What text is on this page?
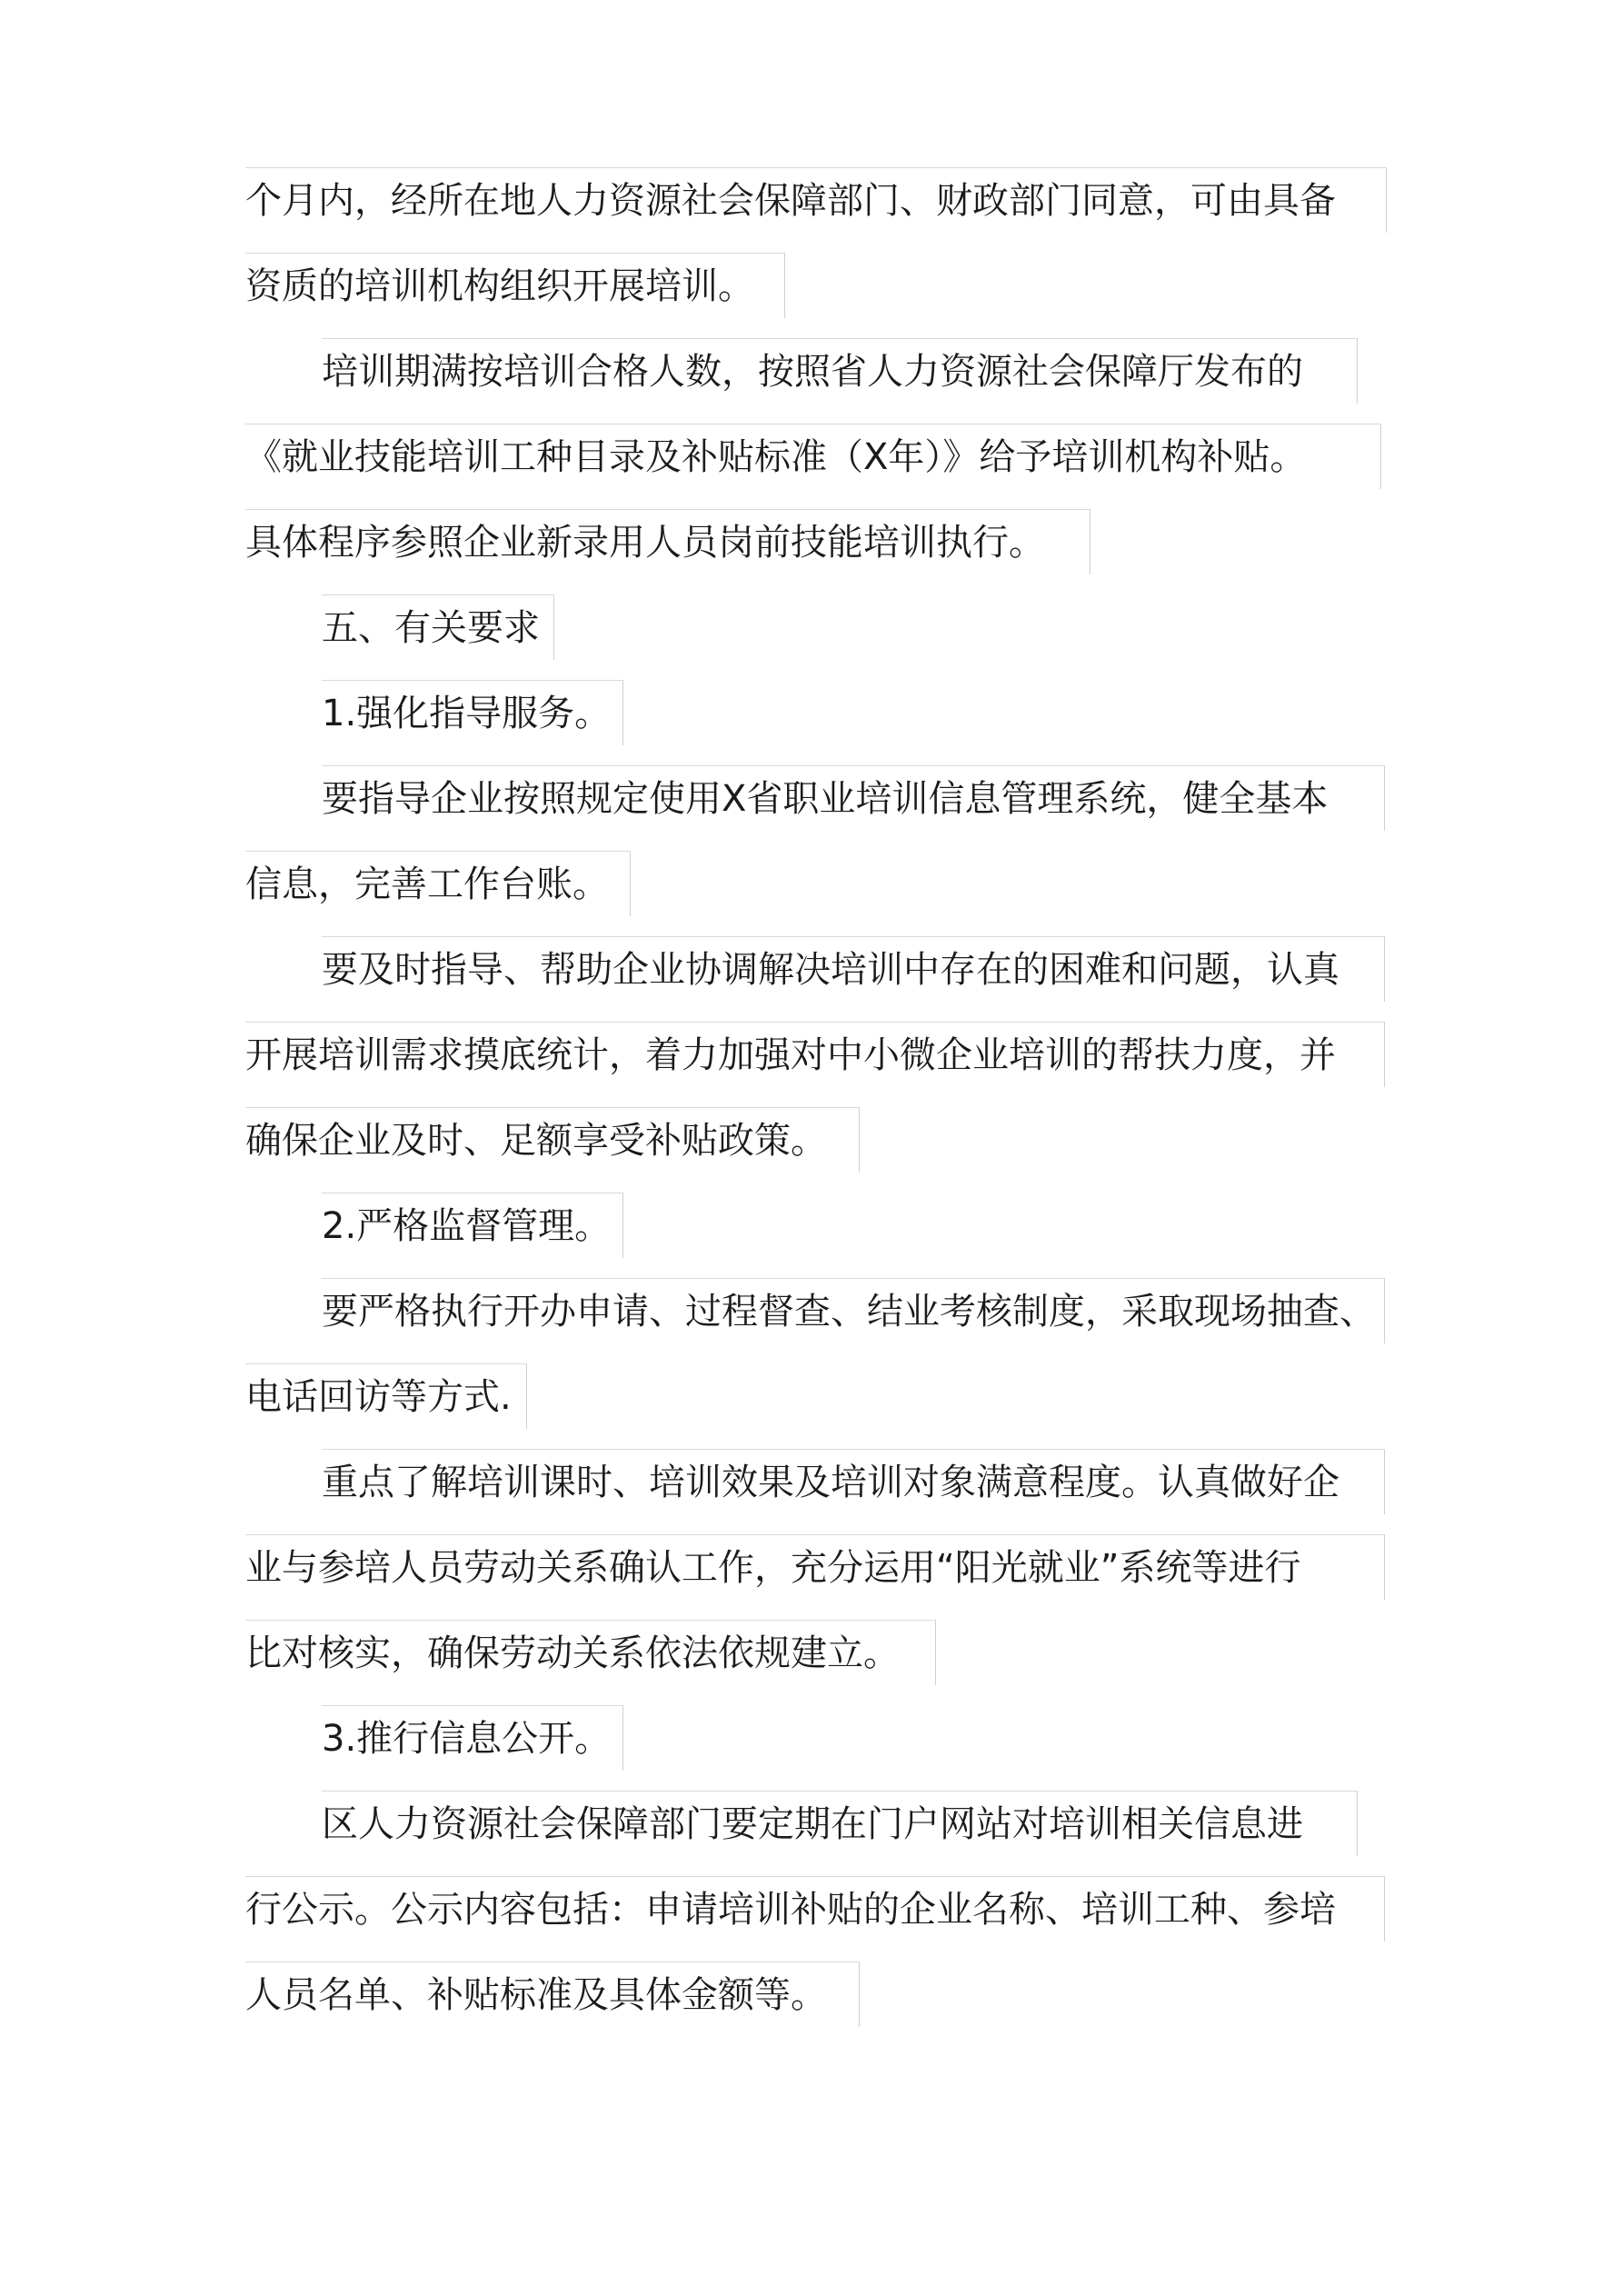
个月内，经所在地人力资源社会保障部门、财政部门同意，可由具备
资质的培训机构组织开展培训。
培训期满按培训合格人数，按照省人力资源社会保障厅发布的
《就业技能培训工种目录及补贴标准（X年）》给予培训机构补贴。
具体程序参照企业新录用人员岗前技能培训执行。
五、有关要求
1.强化指导服务。
要指导企业按照规定使用X省职业培训信息管理系统，健全基本
信息，完善工作台账。
要及时指导、帮助企业协调解决培训中存在的困难和问题，认真
开展培训需求摸底统计，着力加强对中小微企业培训的帮扶力度，并
确保企业及时、足额享受补贴政策。
2.严格监督管理。
要严格执行开办申请、过程督查、结业考核制度，采取现场抽查、
电话回访等方式.
重点了解培训课时、培训效果及培训对象满意程度。认真做好企
业与参培人员劳动关系确认工作，充分运用“阳光就业”系统等进行
比对核实，确保劳动关系依法依规建立。
3.推行信息公开。
区人力资源社会保障部门要定期在门户网站对培训相关信息进
行公示。公示内容包括：申请培训补贴的企业名称、培训工种、参培
人员名单、补贴标准及具体金额等。
